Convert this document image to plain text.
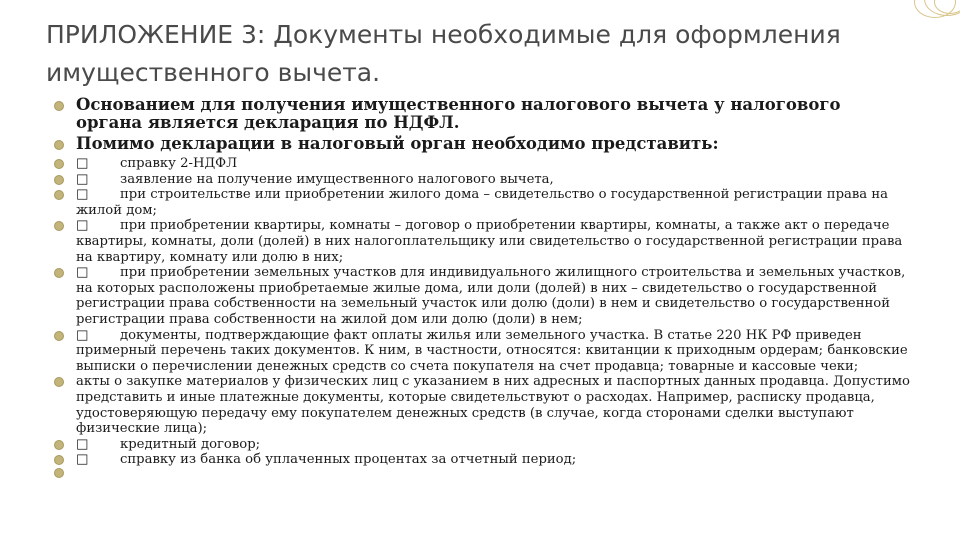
ПРИЛОЖЕНИЕ 3: Документы необходимые для оформления имущественного вычета.
Основанием для получения имущественного налогового вычета у налогового органа является декларация по НДФЛ.
Помимо декларации в налоговый орган необходимо представить:
□ справку 2-НДФЛ
□ заявление на получение имущественного налогового вычета,
□ при строительстве или приобретении жилого дома – свидетельство о государственной регистрации права на жилой дом;
□ при приобретении квартиры, комнаты – договор о приобретении квартиры, комнаты, а также акт о передаче квартиры, комнаты, доли (долей) в них налогоплательщику или свидетельство о государственной регистрации права на квартиру, комнату или долю в них;
□ при приобретении земельных участков для индивидуального жилищного строительства и земельных участков, на которых расположены приобретаемые жилые дома, или доли (долей) в них – свидетельство о государственной регистрации права собственности на земельный участок или долю (доли) в нем и свидетельство о государственной регистрации права собственности на жилой дом или долю (доли) в нем;
□ документы, подтверждающие факт оплаты жилья или земельного участка. В статье 220 НК РФ приведен примерный перечень таких документов. К ним, в частности, относятся: квитанции к приходным ордерам; банковские выписки о перечислении денежных средств со счета покупателя на счет продавца; товарные и кассовые чеки;
акты о закупке материалов у физических лиц с указанием в них адресных и паспортных данных продавца. Допустимо представить и иные платежные документы, которые свидетельствуют о расходах. Например, расписку продавца, удостоверяющую передачу ему покупателем денежных средств (в случае, когда сторонами сделки выступают физические лица);
□ кредитный договор;
□ справку из банка об уплаченных процентах за отчетный период;
